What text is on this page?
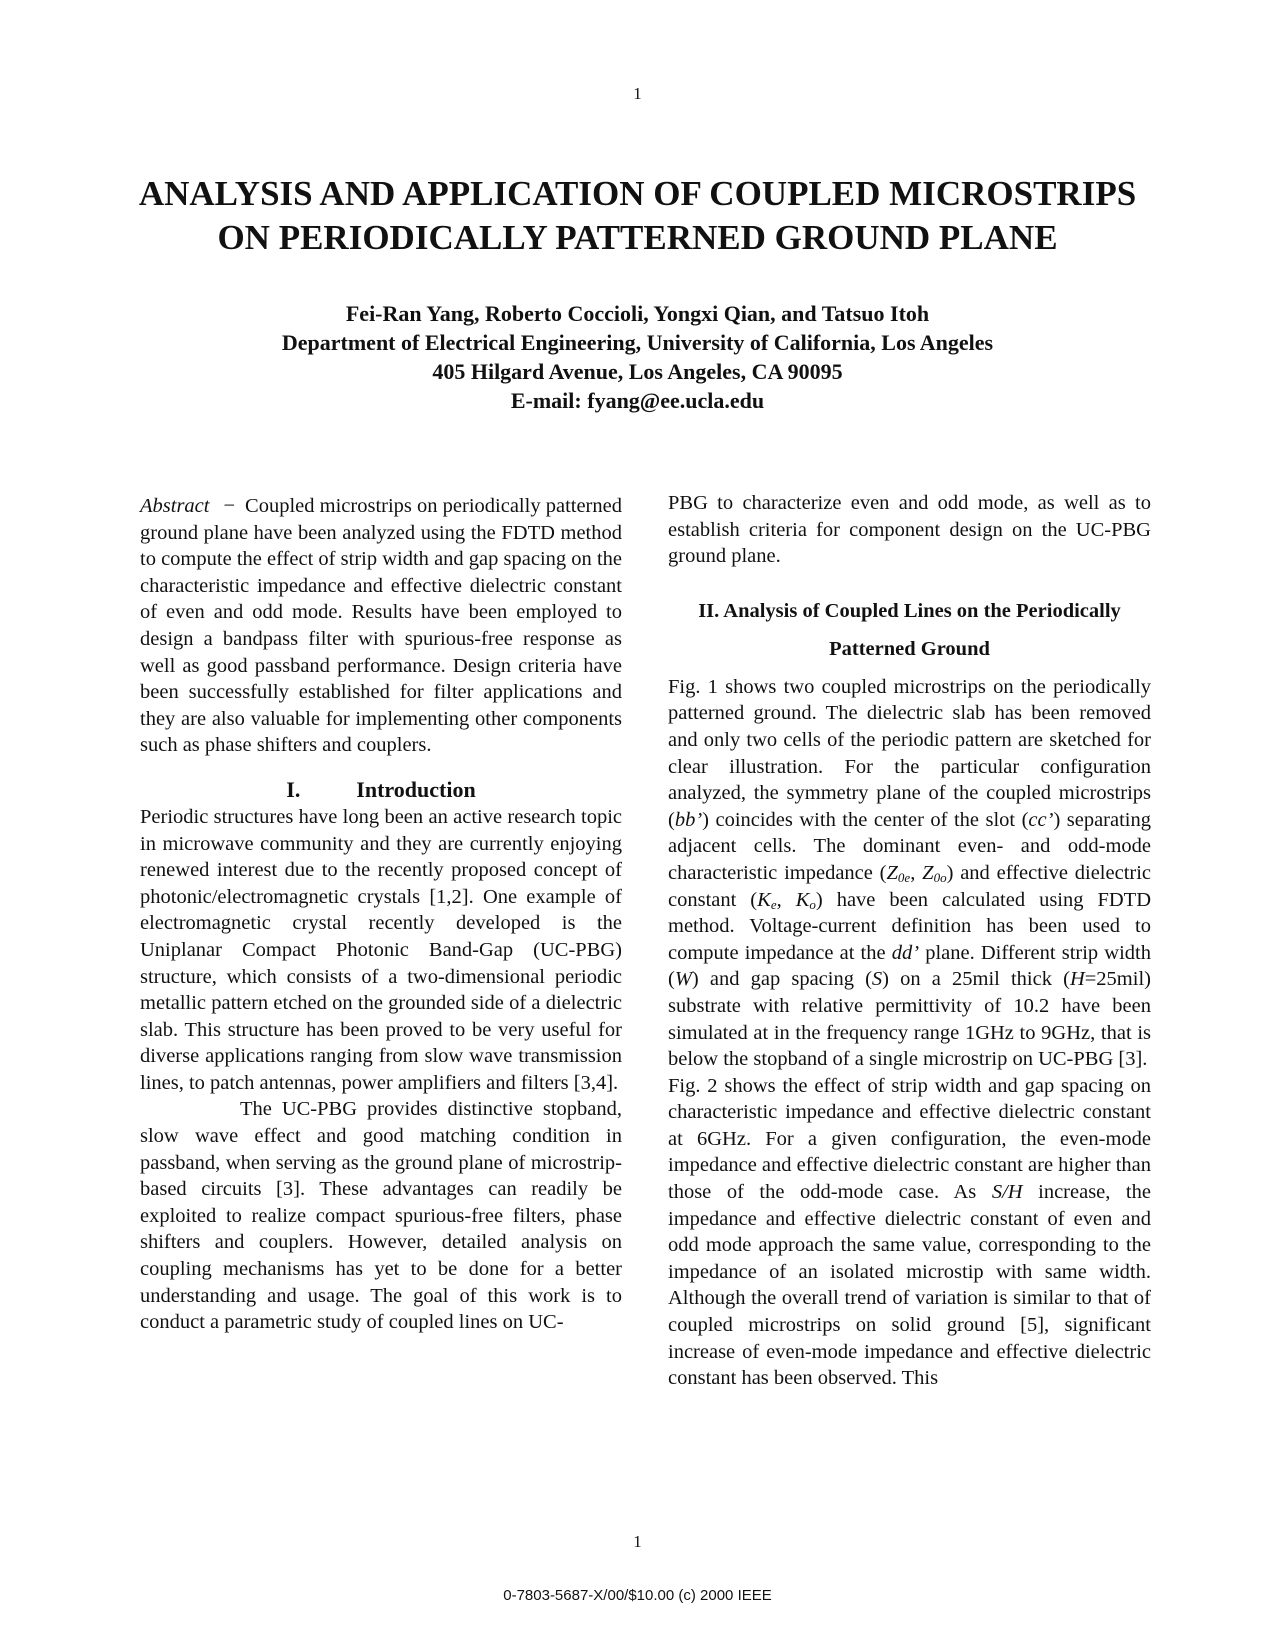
1
ANALYSIS AND APPLICATION OF COUPLED MICROSTRIPS
ON PERIODICALLY PATTERNED GROUND PLANE
Fei-Ran Yang, Roberto Coccioli, Yongxi Qian, and Tatsuo Itoh
Department of Electrical Engineering, University of California, Los Angeles
405 Hilgard Avenue, Los Angeles, CA 90095
E-mail: fyang@ee.ucla.edu

Abstract − Coupled microstrips on periodically patterned ground plane have been analyzed using the FDTD method to compute the effect of strip width and gap spacing on the characteristic impedance and effective dielectric constant of even and odd mode. Results have been employed to design a bandpass filter with spurious-free response as well as good passband performance. Design criteria have been successfully established for filter applications and they are also valuable for implementing other components such as phase shifters and couplers.

I.	Introduction

Periodic structures have long been an active research topic in microwave community and they are currently enjoying renewed interest due to the recently proposed concept of photonic/electromagnetic crystals [1,2]. One example of electromagnetic crystal recently developed is the Uniplanar Compact Photonic Band-Gap (UC-PBG) structure, which consists of a two-dimensional periodic metallic pattern etched on the grounded side of a dielectric slab. This structure has been proved to be very useful for diverse applications ranging from slow wave transmission lines, to patch antennas, power amplifiers and filters [3,4].

The UC-PBG provides distinctive stopband, slow wave effect and good matching condition in passband, when serving as the ground plane of microstrip-based circuits [3]. These advantages can readily be exploited to realize compact spurious-free filters, phase shifters and couplers. However, detailed analysis on coupling mechanisms has yet to be done for a better understanding and usage. The goal of this work is to conduct a parametric study of coupled lines on UC-

PBG to characterize even and odd mode, as well as to establish criteria for component design on the UC-PBG ground plane.

II. Analysis of Coupled Lines on the Periodically
Patterned Ground

Fig. 1 shows two coupled microstrips on the periodically patterned ground. The dielectric slab has been removed and only two cells of the periodic pattern are sketched for clear illustration. For the particular configuration analyzed, the symmetry plane of the coupled microstrips (bb’) coincides with the center of the slot (cc’) separating adjacent cells. The dominant even- and odd-mode characteristic impedance ($Z_{0e}$, $Z_{0o}$) and effective dielectric constant ($K_e$, $K_o$) have been calculated using FDTD method. Voltage-current definition has been used to compute impedance at the dd’ plane. Different strip width (W) and gap spacing (S) on a 25mil thick (H=25mil) substrate with relative permittivity of 10.2 have been simulated at in the frequency range 1GHz to 9GHz, that is below the stopband of a single microstrip on UC-PBG [3].

Fig. 2 shows the effect of strip width and gap spacing on characteristic impedance and effective dielectric constant at 6GHz. For a given configuration, the even-mode impedance and effective dielectric constant are higher than those of the odd-mode case. As S/H increase, the impedance and effective dielectric constant of even and odd mode approach the same value, corresponding to the impedance of an isolated microstip with same width. Although the overall trend of variation is similar to that of coupled microstrips on solid ground [5], significant increase of even-mode impedance and effective dielectric constant has been observed. This

1
0-7803-5687-X/00/$10.00 (c) 2000 IEEE
